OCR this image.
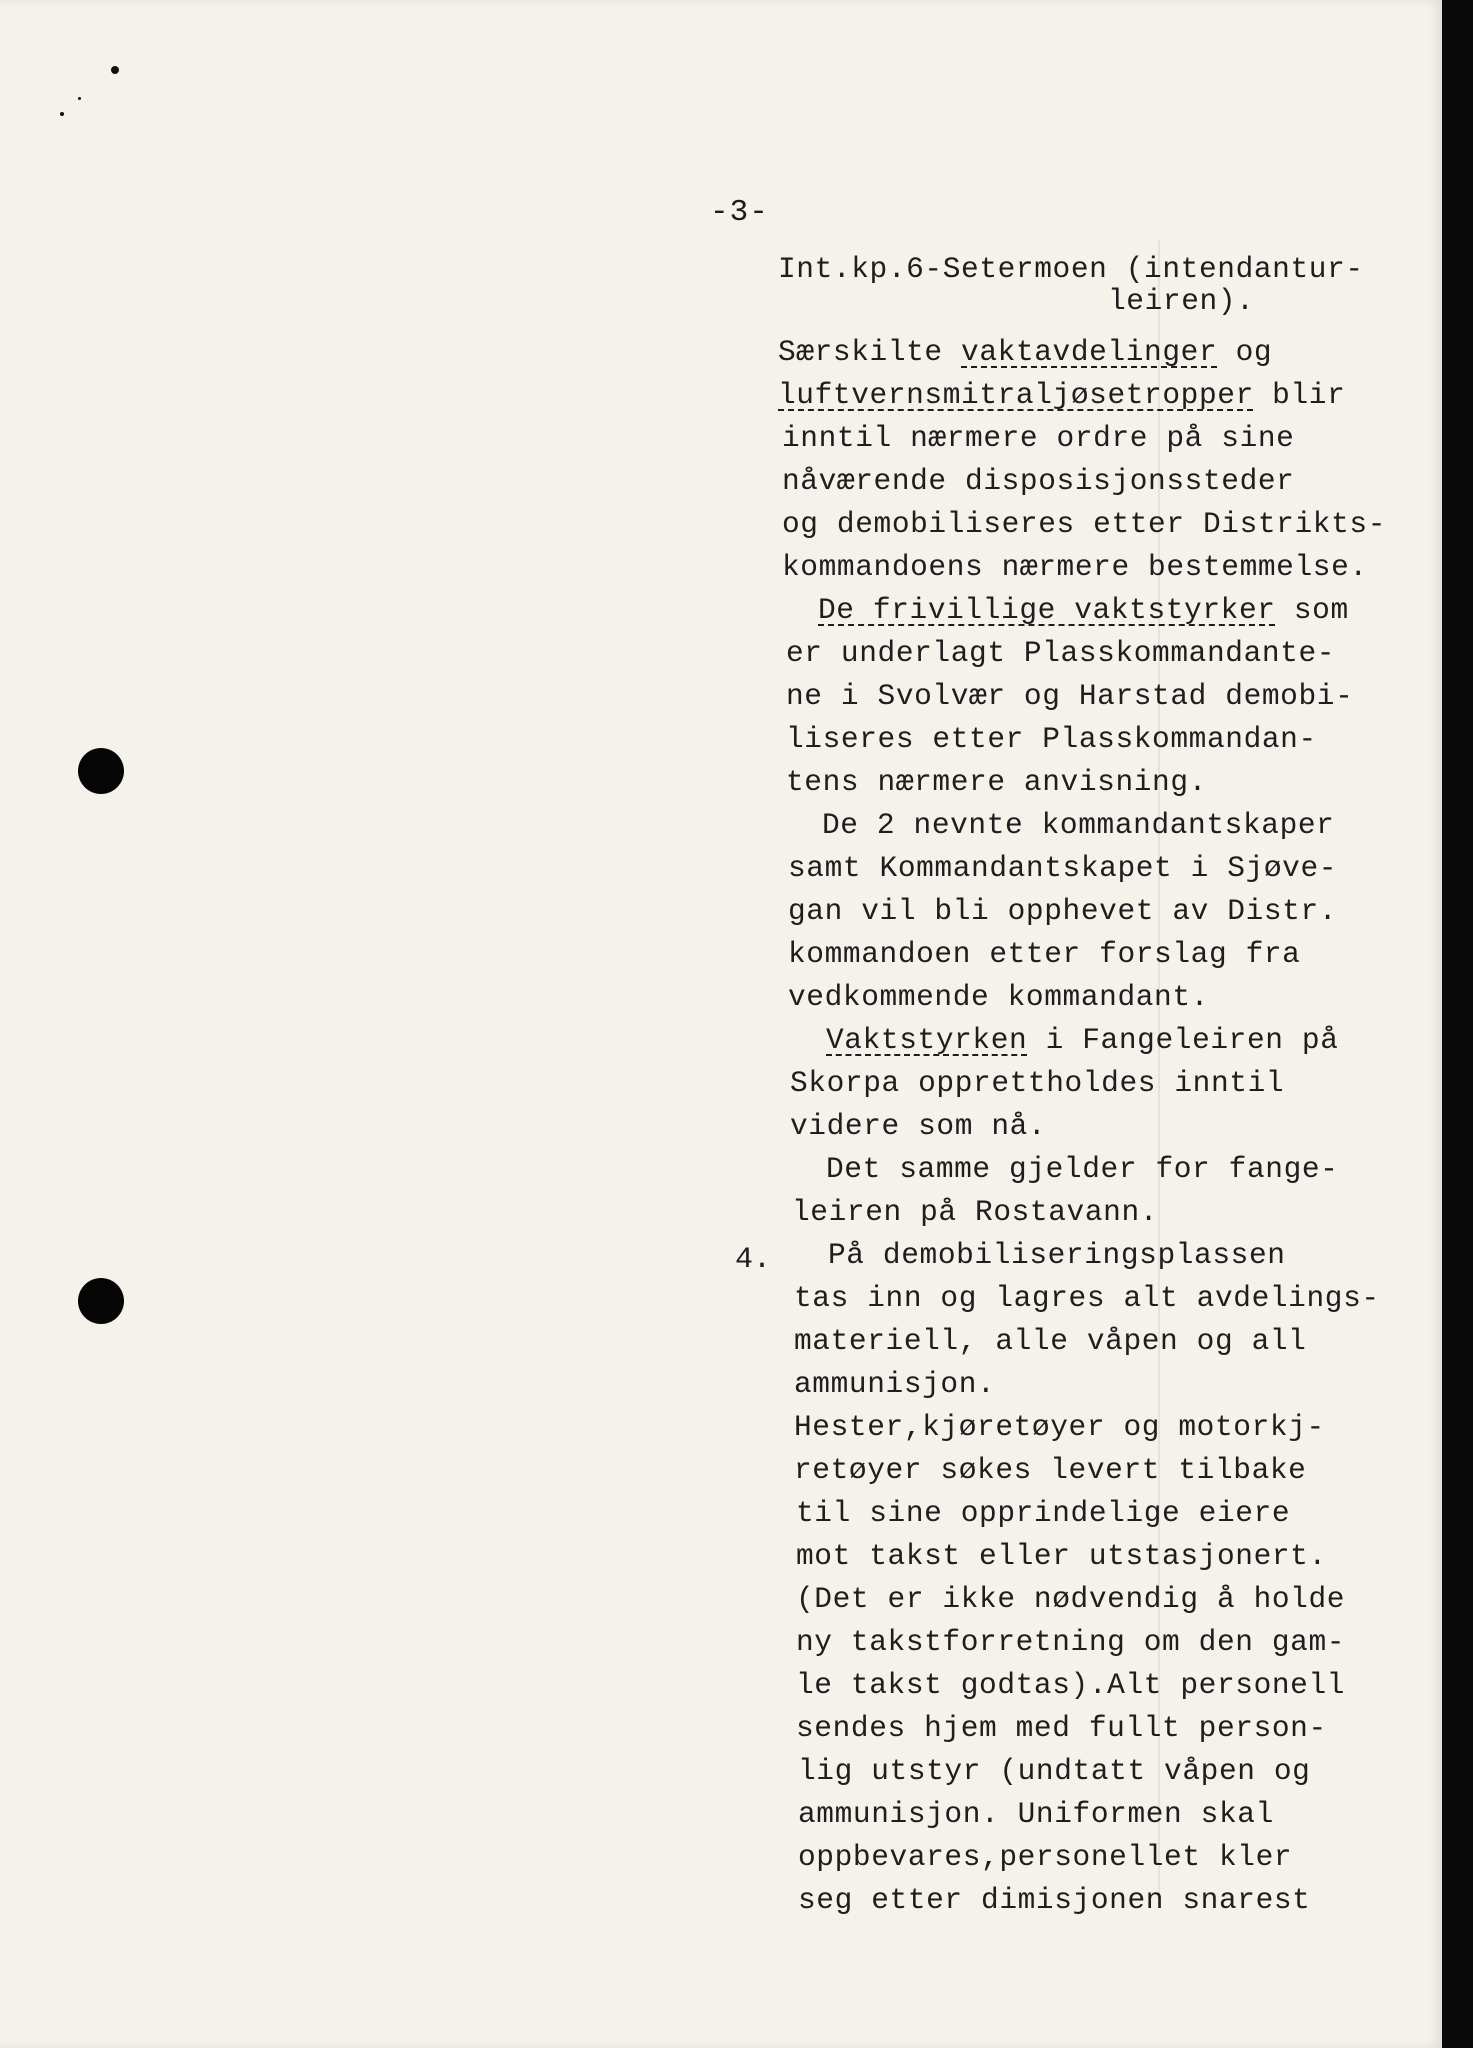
-3-
Int.kp.6-Setermoen (intendantur-
leiren).
Særskilte vaktavdelinger og
luftvernsmitraljøsetropper blir
inntil nærmere ordre på sine
nåværende disposisjonssteder
og demobiliseres etter Distrikts-
kommandoens nærmere bestemmelse.
De frivillige vaktstyrker som
er underlagt Plasskommandante-
ne i Svolvær og Harstad demobi-
liseres etter Plasskommandan-
tens nærmere anvisning.
De 2 nevnte kommandantskaper
samt Kommandantskapet i Sjøve-
gan vil bli opphevet av Distr.
kommandoen etter forslag fra
vedkommende kommandant.
Vaktstyrken i Fangeleiren på
Skorpa opprettholdes inntil
videre som nå.
Det samme gjelder for fange-
leiren på Rostavann.
4. På demobiliseringsplassen
tas inn og lagres alt avdelings-
materiell, alle våpen og all
ammunisjon.
Hester,kjøretøyer og motorkj-
retøyer søkes levert tilbake
til sine opprindelige eiere
mot takst eller utstasjonert.
(Det er ikke nødvendig å holde
ny takstforretning om den gam-
le takst godtas).Alt personell
sendes hjem med fullt person-
lig utstyr (undtatt våpen og
ammunisjon. Uniformen skal
oppbevares,personellet kler
seg etter dimisjonen snarest
